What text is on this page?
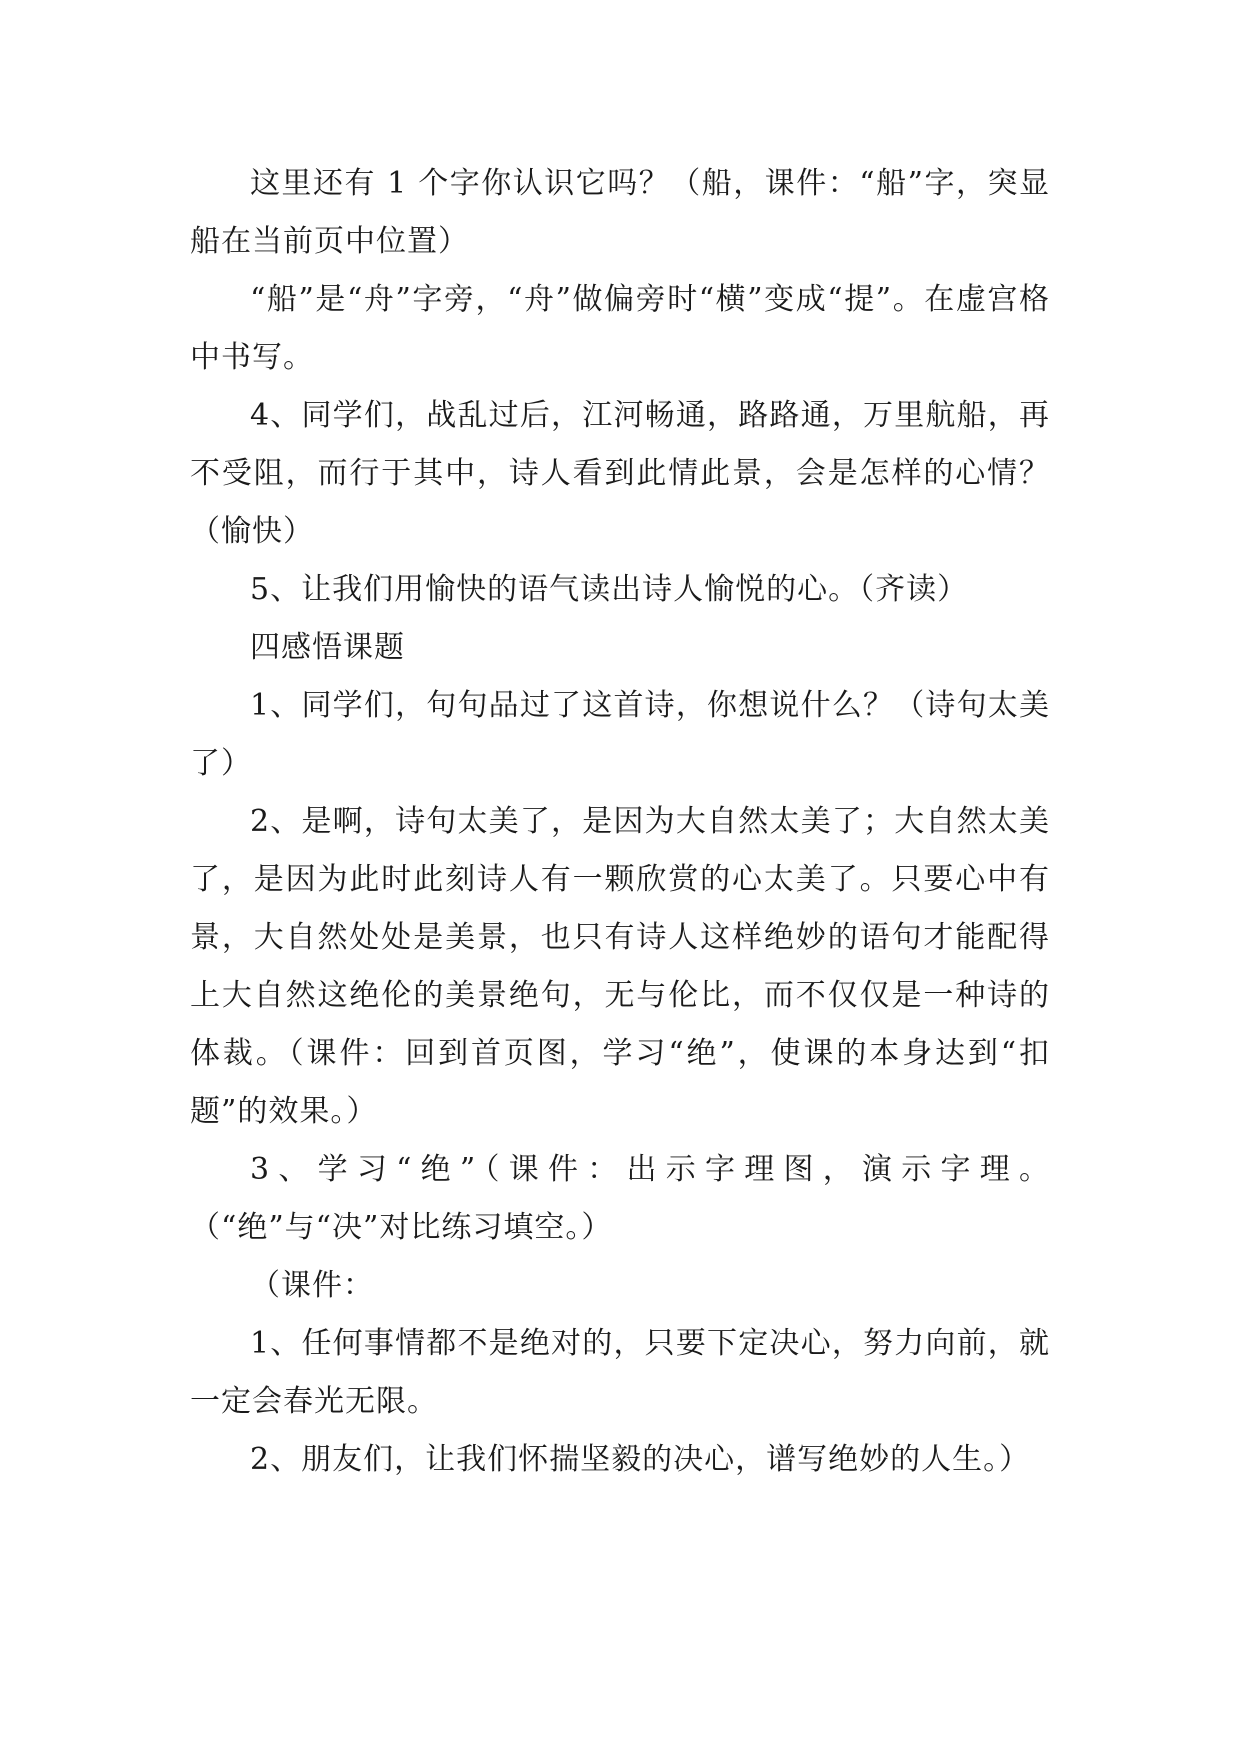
这里还有 1 个字你认识它吗？（船，课件：“船”字，突显船在当前页中位置）

“船”是“舟”字旁，“舟”做偏旁时“横”变成“提”。在虚宫格中书写。

4、同学们，战乱过后，江河畅通，路路通，万里航船，再不受阻，而行于其中，诗人看到此情此景，会是怎样的心情？（愉快）

5、让我们用愉快的语气读出诗人愉悦的心。（齐读）

四感悟课题

1、同学们，句句品过了这首诗，你想说什么？（诗句太美了）

2、是啊，诗句太美了，是因为大自然太美了；大自然太美了，是因为此时此刻诗人有一颗欣赏的心太美了。只要心中有景，大自然处处是美景，也只有诗人这样绝妙的语句才能配得上大自然这绝伦的美景绝句，无与伦比，而不仅仅是一种诗的体裁。（课件：回到首页图，学习“绝”，使课的本身达到“扣题”的效果。）

3、学习“绝”（课件：出示字理图，演示字理。（“绝”与“决”对比练习填空。）

（课件：

1、任何事情都不是绝对的，只要下定决心，努力向前，就一定会春光无限。

2、朋友们，让我们怀揣坚毅的决心，谱写绝妙的人生。）
